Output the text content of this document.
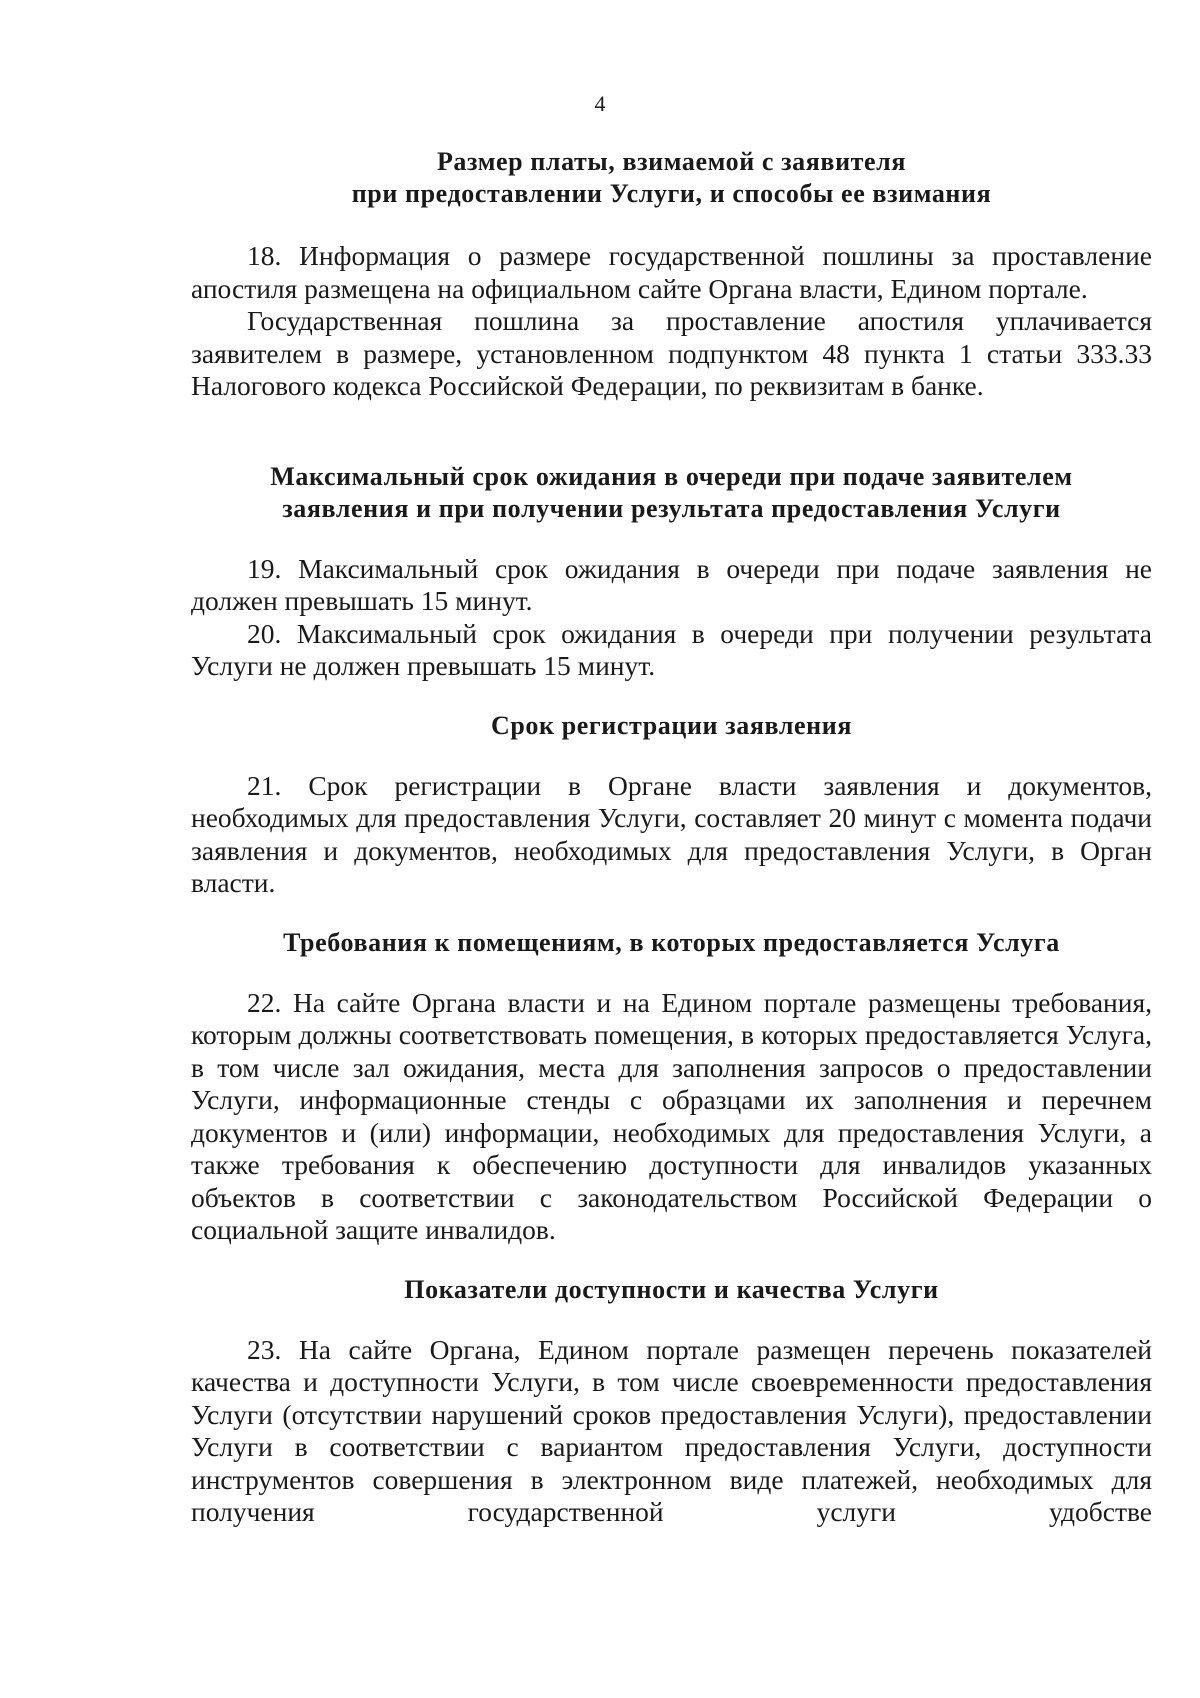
4
Размер платы, взимаемой с заявителя
при предоставлении Услуги, и способы ее взимания

18. Информация о размере государственной пошлины за проставление апостиля размещена на официальном сайте Органа власти, Едином портале.

Государственная пошлина за проставление апостиля уплачивается заявителем в размере, установленном подпунктом 48 пункта 1 статьи 333.33 Налогового кодекса Российской Федерации, по реквизитам в банке.

Максимальный срок ожидания в очереди при подаче заявителем
заявления и при получении результата предоставления Услуги

19. Максимальный срок ожидания в очереди при подаче заявления не должен превышать 15 минут.

20. Максимальный срок ожидания в очереди при получении результата Услуги не должен превышать 15 минут.

Срок регистрации заявления

21. Срок регистрации в Органе власти заявления и документов, необходимых для предоставления Услуги, составляет 20 минут с момента подачи заявления и документов, необходимых для предоставления Услуги, в Орган власти.

Требования к помещениям, в которых предоставляется Услуга

22. На сайте Органа власти и на Едином портале размещены требования, которым должны соответствовать помещения, в которых предоставляется Услуга, в том числе зал ожидания, места для заполнения запросов о предоставлении Услуги, информационные стенды с образцами их заполнения и перечнем документов и (или) информации, необходимых для предоставления Услуги, а также требования к обеспечению доступности для инвалидов указанных объектов в соответствии с законодательством Российской Федерации о социальной защите инвалидов.

Показатели доступности и качества Услуги

23. На сайте Органа, Едином портале размещен перечень показателей качества и доступности Услуги, в том числе своевременности предоставления Услуги (отсутствии нарушений сроков предоставления Услуги), предоставлении Услуги в соответствии с вариантом предоставления Услуги, доступности инструментов совершения в электронном виде платежей, необходимых для получения государственной услуги удобстве
